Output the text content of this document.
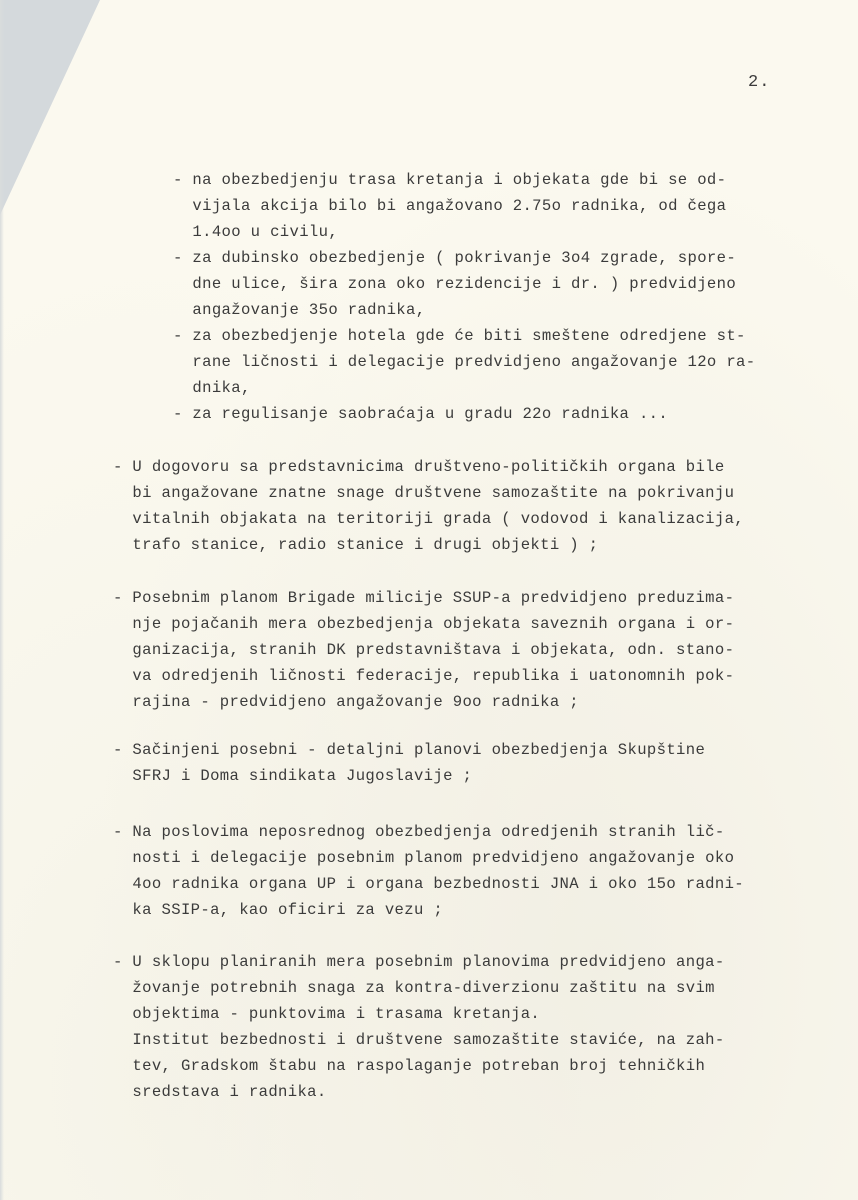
2.
- na obezbedjenju trasa kretanja i objekata gde bi se od-
vijala akcija bilo bi angažovano 2.75o radnika, od čega
1.4oo u civilu,
- za dubinsko obezbedjenje ( pokrivanje 3o4 zgrade, spore-
dne ulice, šira zona oko rezidencije i dr. ) predvidjeno
angažovanje 35o radnika,
- za obezbedjenje hotela gde će biti smeštene odredjene st-
rane ličnosti i delegacije predvidjeno angažovanje 12o ra-
dnika,
- za regulisanje saobraćaja u gradu 22o radnika ...
- U dogovoru sa predstavnicima društveno-političkih organa bile
bi angažovane znatne snage društvene samozaštite na pokrivanju
vitalnih objakata na teritoriji grada ( vodovod i kanalizacija,
trafo stanice, radio stanice i drugi objekti ) ;
- Posebnim planom Brigade milicije SSUP-a predvidjeno preduzima-
nje pojačanih mera obezbedjenja objekata saveznih organa i or-
ganizacija, stranih DK predstavništava i objekata, odn. stano-
va odredjenih ličnosti federacije, republika i uatonomnih pok-
rajina - predvidjeno angažovanje 9oo radnika ;
- Sačinjeni posebni - detaljni planovi obezbedjenja Skupštine
SFRJ i Doma sindikata Jugoslavije ;
- Na poslovima neposrednog obezbedjenja odredjenih stranih lič-
nosti i delegacije posebnim planom predvidjeno angažovanje oko
4oo radnika organa UP i organa bezbednosti JNA i oko 15o radni-
ka SSIP-a, kao oficiri za vezu ;
- U sklopu planiranih mera posebnim planovima predvidjeno anga-
žovanje potrebnih snaga za kontra-diverzionu zaštitu na svim
objektima - punktovima i trasama kretanja.
Institut bezbednosti i društvene samozaštite staviće, na zah-
tev, Gradskom štabu na raspolaganje potreban broj tehničkih
sredstava i radnika.
